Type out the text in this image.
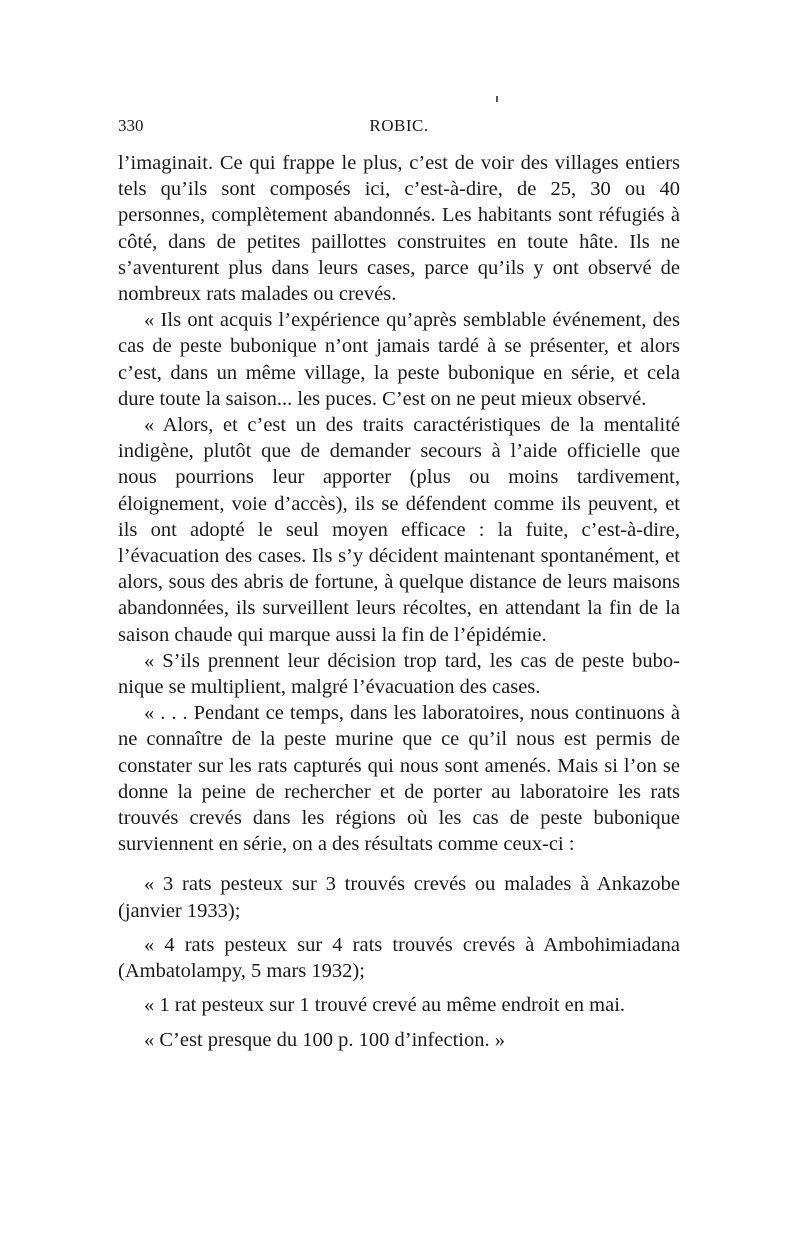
330	ROBIC.

l’imaginait. Ce qui frappe le plus, c’est de voir des villages entiers tels qu’ils sont composés ici, c’est-à-dire, de 25, 30 ou 40 personnes, complètement abandonnés. Les habitants sont réfugiés à côté, dans de petites paillottes construites en toute hâte. Ils ne s’aventurent plus dans leurs cases, parce qu’ils y ont observé de nombreux rats malades ou crevés.

« Ils ont acquis l’expérience qu’après semblable événement, des cas de peste bubonique n’ont jamais tardé à se présenter, et alors c’est, dans un même village, la peste bubonique en série, et cela dure toute la saison... les puces. C’est on ne peut mieux observé.

« Alors, et c’est un des traits caractéristiques de la mentalité indigène, plutôt que de demander secours à l’aide officielle que nous pourrions leur apporter (plus ou moins tardivement, éloignement, voie d’accès), ils se défendent comme ils peuvent, et ils ont adopté le seul moyen efficace : la fuite, c’est-à-dire, l’évacuation des cases. Ils s’y décident maintenant spontanément, et alors, sous des abris de fortune, à quelque distance de leurs maisons abandonnées, ils surveillent leurs récoltes, en attendant la fin de la saison chaude qui marque aussi la fin de l’épidémie.

« S’ils prennent leur décision trop tard, les cas de peste bubonique se multiplient, malgré l’évacuation des cases.

« . . . Pendant ce temps, dans les laboratoires, nous continuons à ne connaître de la peste murine que ce qu’il nous est permis de constater sur les rats capturés qui nous sont amenés. Mais si l’on se donne la peine de rechercher et de porter au laboratoire les rats trouvés crevés dans les régions où les cas de peste bubonique surviennent en série, on a des résultats comme ceux-ci :

« 3 rats pesteux sur 3 trouvés crevés ou malades à Ankazobe (janvier 1933);

« 4 rats pesteux sur 4 rats trouvés crevés à Ambohimiadana (Ambatolampy, 5 mars 1932);

« 1 rat pesteux sur 1 trouvé crevé au même endroit en mai.

« C’est presque du 100 p. 100 d’infection. »
